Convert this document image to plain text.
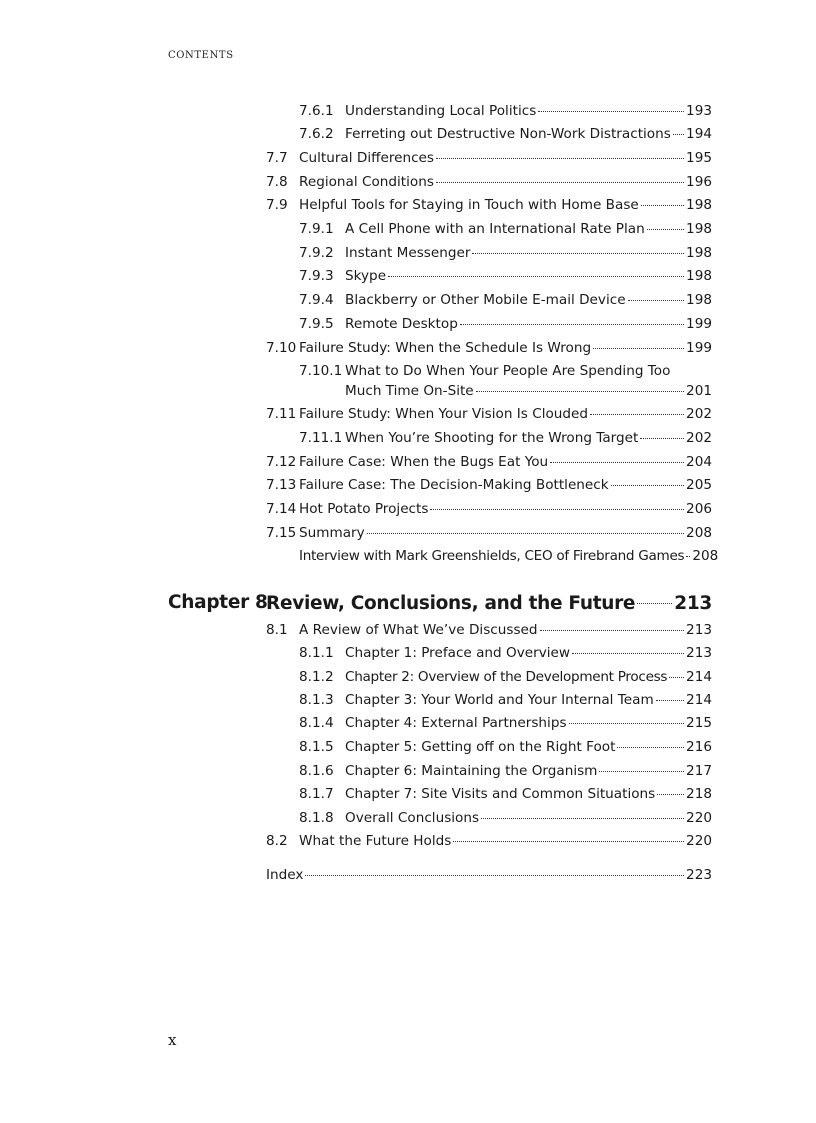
CONTENTS
7.6.1 Understanding Local Politics	193
7.6.2 Ferreting out Destructive Non-Work Distractions 194
7.7 Cultural Differences	195
7.8 Regional Conditions	196
7.9 Helpful Tools for Staying in Touch with Home Base	198
7.9.1 A Cell Phone with an International Rate Plan	198
7.9.2 Instant Messenger	198
7.9.3 Skype	198
7.9.4 Blackberry or Other Mobile E-mail Device	198
7.9.5 Remote Desktop	199
7.10 Failure Study: When the Schedule Is Wrong	199
7.10.1 What to Do When Your People Are Spending Too
Much Time On-Site	201
7.11 Failure Study: When Your Vision Is Clouded	202
7.11.1 When You’re Shooting for the Wrong Target	202
7.12 Failure Case: When the Bugs Eat You	204
7.13 Failure Case: The Decision-Making Bottleneck	205
7.14 Hot Potato Projects	206
7.15 Summary	208
Interview with Mark Greenshields, CEO of Firebrand Games 208
Chapter 8
Review, Conclusions, and the Future 213
8.1 A Review of What We’ve Discussed	213
8.1.1 Chapter 1: Preface and Overview	213
8.1.2 Chapter 2: Overview of the Development Process 214
8.1.3 Chapter 3: Your World and Your Internal Team 214
8.1.4 Chapter 4: External Partnerships	215
8.1.5 Chapter 5: Getting off on the Right Foot	216
8.1.6 Chapter 6: Maintaining the Organism	217
8.1.7 Chapter 7: Site Visits and Common Situations 218
8.1.8 Overall Conclusions	220
8.2 What the Future Holds	220
Index	223
x
